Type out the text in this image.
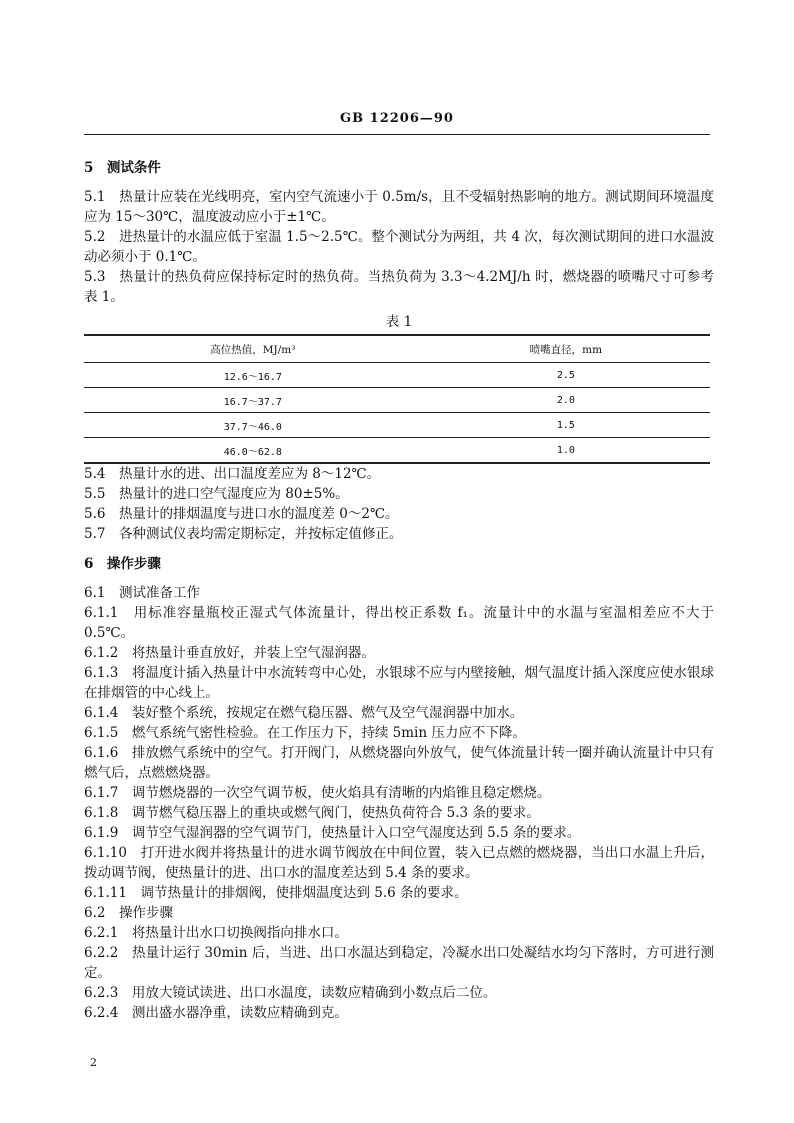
GB 12206—90
5　测试条件
5.1　热量计应装在光线明亮，室内空气流速小于 0.5m/s，且不受辐射热影响的地方。测试期间环境温度应为 15～30℃，温度波动应小于±1℃。
5.2　进热量计的水温应低于室温 1.5～2.5℃。整个测试分为两组，共 4 次，每次测试期间的进口水温波动必须小于 0.1℃。
5.3　热量计的热负荷应保持标定时的热负荷。当热负荷为 3.3～4.2MJ/h 时，燃烧器的喷嘴尺寸可参考表 1。
表 1
高位热值，MJ/m³	喷嘴直径，mm
12.6～16.7	2.5
16.7～37.7	2.0
37.7～46.0	1.5
46.0～62.8	1.0
5.4　热量计水的进、出口温度差应为 8～12℃。
5.5　热量计的进口空气湿度应为 80±5%。
5.6　热量计的排烟温度与进口水的温度差 0～2℃。
5.7　各种测试仪表均需定期标定，并按标定值修正。
6　操作步骤
6.1　测试准备工作
6.1.1　用标准容量瓶校正湿式气体流量计，得出校正系数 f₁。流量计中的水温与室温相差应不大于 0.5℃。
6.1.2　将热量计垂直放好，并装上空气湿润器。
6.1.3　将温度计插入热量计中水流转弯中心处，水银球不应与内壁接触，烟气温度计插入深度应使水银球在排烟管的中心线上。
6.1.4　装好整个系统，按规定在燃气稳压器、燃气及空气湿润器中加水。
6.1.5　燃气系统气密性检验。在工作压力下，持续 5min 压力应不下降。
6.1.6　排放燃气系统中的空气。打开阀门，从燃烧器向外放气，使气体流量计转一圈并确认流量计中只有燃气后，点燃燃烧器。
6.1.7　调节燃烧器的一次空气调节板，使火焰具有清晰的内焰锥且稳定燃烧。
6.1.8　调节燃气稳压器上的重块或燃气阀门，使热负荷符合 5.3 条的要求。
6.1.9　调节空气湿润器的空气调节门，使热量计入口空气湿度达到 5.5 条的要求。
6.1.10　打开进水阀并将热量计的进水调节阀放在中间位置，装入已点燃的燃烧器，当出口水温上升后，拨动调节阀，使热量计的进、出口水的温度差达到 5.4 条的要求。
6.1.11　调节热量计的排烟阀，使排烟温度达到 5.6 条的要求。
6.2　操作步骤
6.2.1　将热量计出水口切换阀指向排水口。
6.2.2　热量计运行 30min 后，当进、出口水温达到稳定，冷凝水出口处凝结水均匀下落时，方可进行测定。
6.2.3　用放大镜试读进、出口水温度，读数应精确到小数点后二位。
6.2.4　测出盛水器净重，读数应精确到克。
2
